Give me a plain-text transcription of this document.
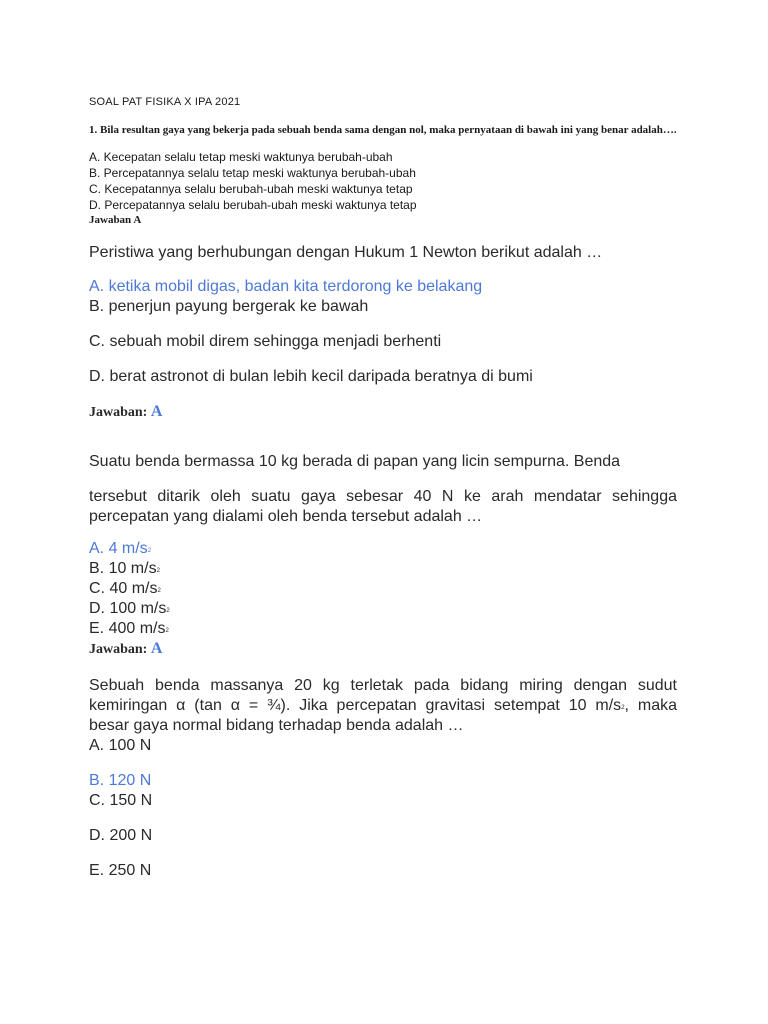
SOAL PAT FISIKA X IPA 2021

1. Bila resultan gaya yang bekerja pada sebuah benda sama dengan nol, maka pernyataan di bawah ini yang benar adalah….

A. Kecepatan selalu tetap meski waktunya berubah-ubah

B. Percepatannya selalu tetap meski waktunya berubah-ubah

C. Kecepatannya selalu berubah-ubah meski waktunya tetap

D. Percepatannya selalu berubah-ubah meski waktunya tetap

Jawaban A

Peristiwa yang berhubungan dengan Hukum 1 Newton berikut adalah …

A. ketika mobil digas, badan kita terdorong ke belakang

B. penerjun payung bergerak ke bawah

C. sebuah mobil direm sehingga menjadi berhenti

D. berat astronot di bulan lebih kecil daripada beratnya di bumi

Jawaban: A

Suatu benda bermassa 10 kg berada di papan yang licin sempurna. Benda

tersebut ditarik oleh suatu gaya sebesar 40 N ke arah mendatar sehingga

percepatan yang dialami oleh benda tersebut adalah …

A. 4 $m/s^2$

B. 10 $m/s^2$

C. 40 $m/s^2$

D. 100 $m/s^2$

E. 400 $m/s^2$

Jawaban: A

Sebuah benda massanya 20 kg terletak pada bidang miring dengan sudut

kemiringan α (tan α = ¾). Jika percepatan gravitasi setempat 10 $m/s^2$, maka

besar gaya normal bidang terhadap benda adalah …

A. 100 N

B. 120 N

C. 150 N

D. 200 N

E. 250 N
